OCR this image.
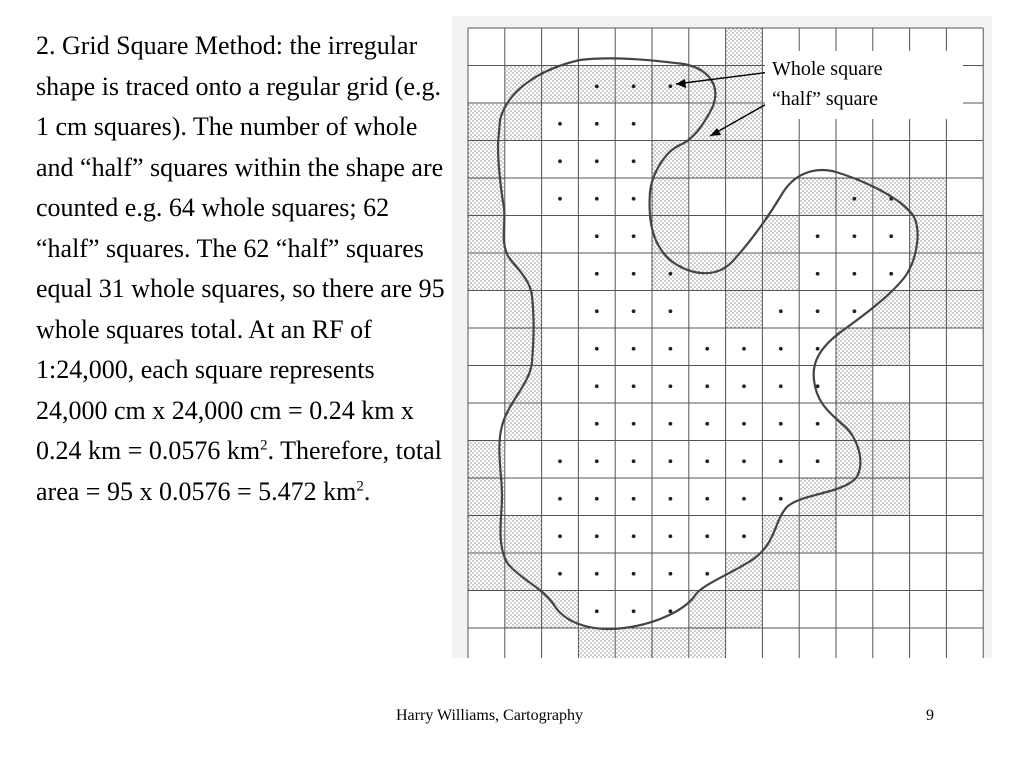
2. Grid Square Method: the irregular shape is traced onto a regular grid (e.g. 1 cm squares). The number of whole and “half” squares within the shape are counted e.g. 64 whole squares; 62 “half” squares. The 62 “half” squares equal 31 whole squares, so there are 95 whole squares total. At an RF of 1:24,000, each square represents 24,000 cm x 24,000 cm = 0.24 km x 0.24 km = 0.0576 $km^2$. Therefore, total area = 95 x 0.0576 = 5.472 $km^2$.

Whole square
“half” square
Harry Williams, Cartography	9
